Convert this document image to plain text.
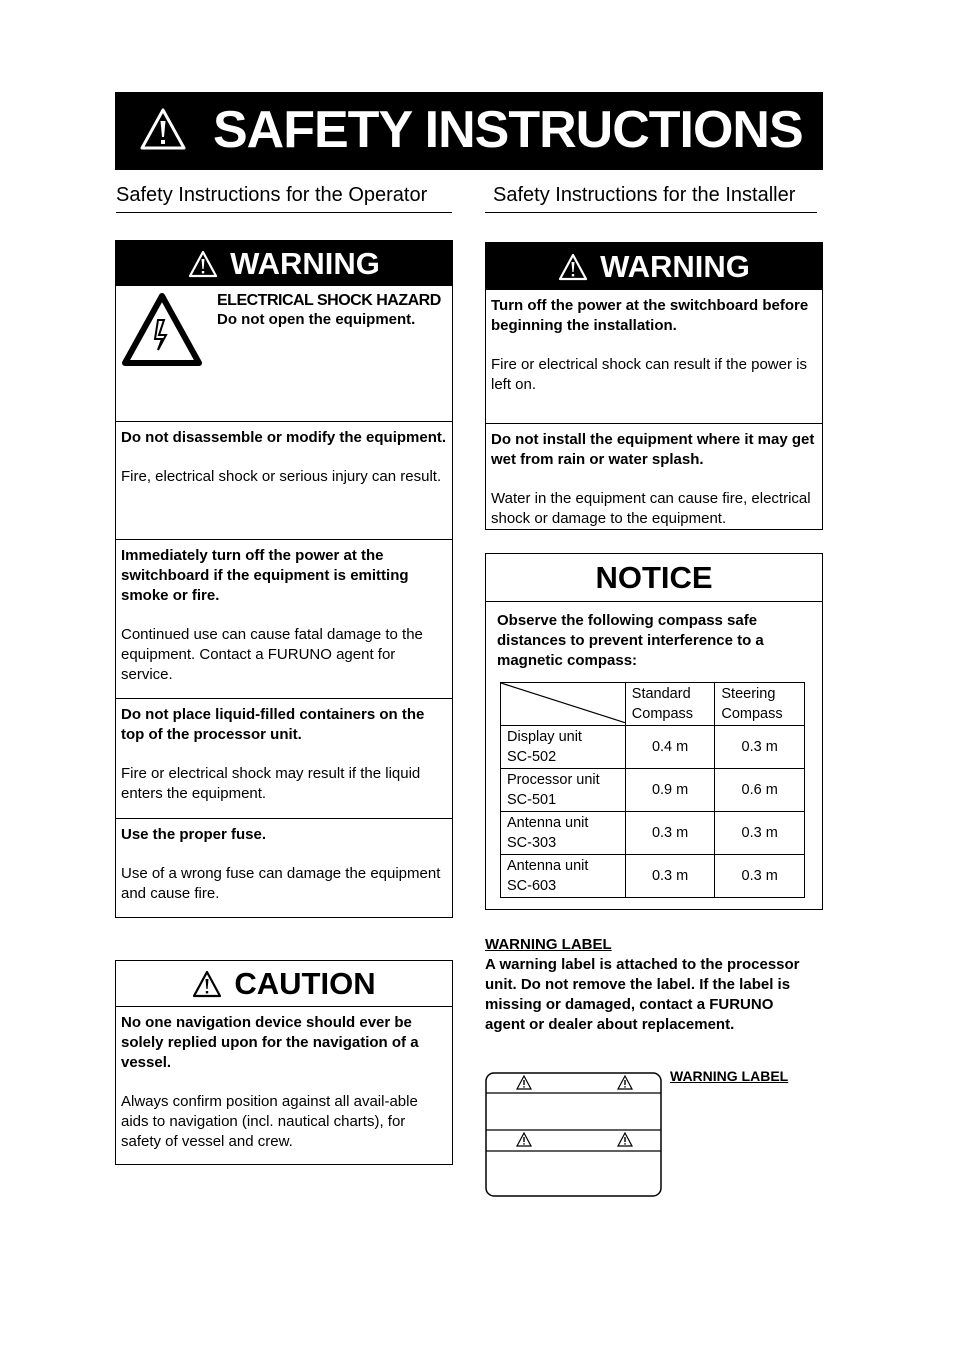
SAFETY INSTRUCTIONS
Safety Instructions for the Operator	Safety Instructions for the Installer
WARNING
ELECTRICAL SHOCK HAZARD
Do not open the equipment.
Do not disassemble or modify the equipment.
Fire, electrical shock or serious injury can result.
Immediately turn off the power at the switchboard if the equipment is emitting smoke or fire.
Continued use can cause fatal damage to the equipment. Contact a FURUNO agent for service.
Do not place liquid-filled containers on the top of the processor unit.
Fire or electrical shock may result if the liquid enters the equipment.
Use the proper fuse.
Use of a wrong fuse can damage the equipment and cause fire.
CAUTION
No one navigation device should ever be solely replied upon for the navigation of a vessel.
Always confirm position against all avail-able aids to navigation (incl. nautical charts), for safety of vessel and crew.
WARNING
Turn off the power at the switchboard before beginning the installation.
Fire or electrical shock can result if the power is left on.
Do not install the equipment where it may get wet from rain or water splash.
Water in the equipment can cause fire, electrical shock or damage to the equipment.
NOTICE
Observe the following compass safe distances to prevent interference to a magnetic compass:
	Standard Compass	Steering Compass
Display unit
SC-502	0.4 m	0.3 m
Processor unit
SC-501	0.9 m	0.6 m
Antenna unit
SC-303	0.3 m	0.3 m
Antenna unit
SC-603	0.3 m	0.3 m
WARNING LABEL
A warning label is attached to the processor unit. Do not remove the label. If the label is missing or damaged, contact a FURUNO agent or dealer about replacement.
WARNING LABEL
